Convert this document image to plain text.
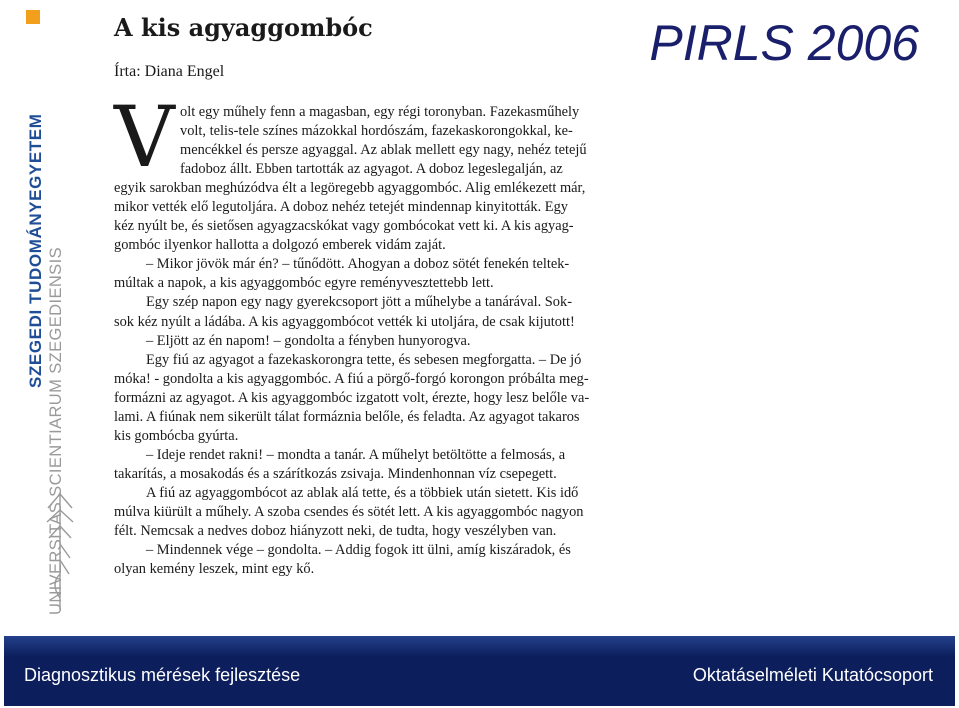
SZEGEDI TUDOMÁNYEGYETEM UNIVERSITAS SCIENTIARUM SZEGEDIENSIS
PIRLS 2006
A kis agyaggombóc
Írta: Diana Engel
V olt egy műhely fenn a magasban, egy régi toronyban. Fazekasműhely
volt, telis-tele színes mázokkal hordószám, fazekaskorongokkal, ke-
mencékkel és persze agyaggal. Az ablak mellett egy nagy, nehéz tetejű
fadoboz állt. Ebben tartották az agyagot. A doboz legeslegalján, az
egyik sarokban meghúzódva élt a legöregebb agyaggombóc. Alig emlékezett már,
mikor vették elő legutoljára. A doboz nehéz tetejét mindennap kinyitották. Egy
kéz nyúlt be, és sietősen agyagzacskókat vagy gombócokat vett ki. A kis agyag-
gombóc ilyenkor hallotta a dolgozó emberek vidám zaját.
– Mikor jövök már én? – tűnődött. Ahogyan a doboz sötét fenekén teltek-
múltak a napok, a kis agyaggombóc egyre reményvesztettebb lett.
Egy szép napon egy nagy gyerekcsoport jött a műhelybe a tanárával. Sok-
sok kéz nyúlt a ládába. A kis agyaggombócot vették ki utoljára, de csak kijutott!
– Eljött az én napom! – gondolta a fényben hunyorogva.
Egy fiú az agyagot a fazekaskorongra tette, és sebesen megforgatta. – De jó
móka! - gondolta a kis agyaggombóc. A fiú a pörgő-forgó korongon próbálta meg-
formázni az agyagot. A kis agyaggombóc izgatott volt, érezte, hogy lesz belőle va-
lami. A fiúnak nem sikerült tálat formáznia belőle, és feladta. Az agyagot takaros
kis gombócba gyúrta.
– Ideje rendet rakni! – mondta a tanár. A műhelyt betöltötte a felmosás, a
takarítás, a mosakodás és a szárítkozás zsivaja. Mindenhonnan víz csepegett.
A fiú az agyaggombócot az ablak alá tette, és a többiek után sietett. Kis idő
múlva kiürült a műhely. A szoba csendes és sötét lett. A kis agyaggombóc nagyon
félt. Nemcsak a nedves doboz hiányzott neki, de tudta, hogy veszélyben van.
– Mindennek vége – gondolta. – Addig fogok itt ülni, amíg kiszáradok, és
olyan kemény leszek, mint egy kő.
Diagnosztikus mérések fejlesztése	Oktatáselméleti Kutatócsoport
